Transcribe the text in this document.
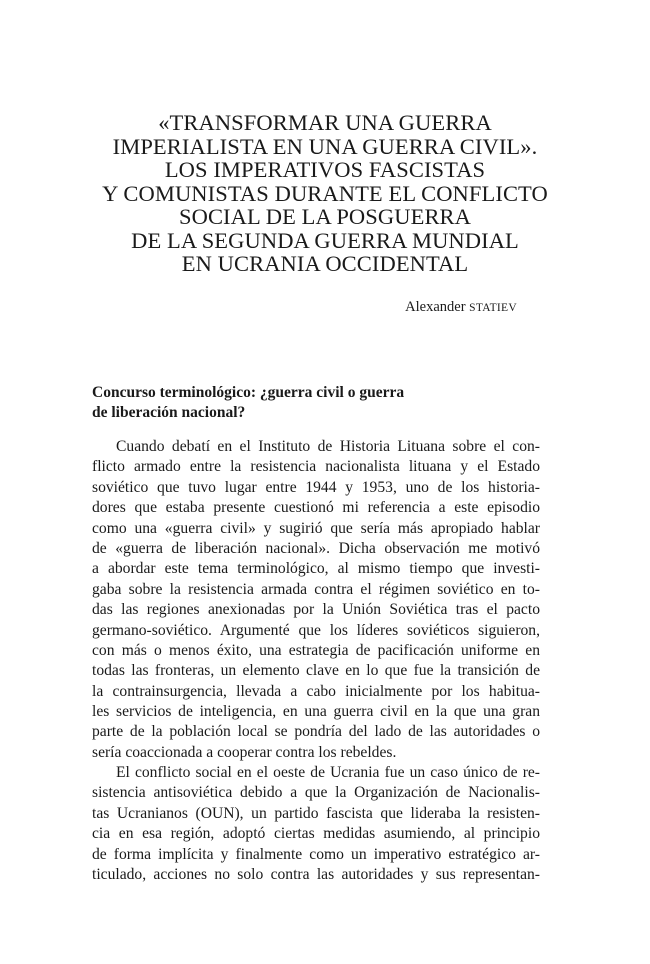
«TRANSFORMAR UNA GUERRA
IMPERIALISTA EN UNA GUERRA CIVIL».
LOS IMPERATIVOS FASCISTAS
Y COMUNISTAS DURANTE EL CONFLICTO
SOCIAL DE LA POSGUERRA
DE LA SEGUNDA GUERRA MUNDIAL
EN UCRANIA OCCIDENTAL
Alexander STATIEV
Concurso terminológico: ¿guerra civil o guerra
de liberación nacional?
Cuando debatí en el Instituto de Historia Lituana sobre el con-
flicto armado entre la resistencia nacionalista lituana y el Estado
soviético que tuvo lugar entre 1944 y 1953, uno de los historia-
dores que estaba presente cuestionó mi referencia a este episodio
como una «guerra civil» y sugirió que sería más apropiado hablar
de «guerra de liberación nacional». Dicha observación me motivó
a abordar este tema terminológico, al mismo tiempo que investi-
gaba sobre la resistencia armada contra el régimen soviético en to-
das las regiones anexionadas por la Unión Soviética tras el pacto
germano-soviético. Argumenté que los líderes soviéticos siguieron,
con más o menos éxito, una estrategia de pacificación uniforme en
todas las fronteras, un elemento clave en lo que fue la transición de
la contrainsurgencia, llevada a cabo inicialmente por los habitua-
les servicios de inteligencia, en una guerra civil en la que una gran
parte de la población local se pondría del lado de las autoridades o
sería coaccionada a cooperar contra los rebeldes.
El conflicto social en el oeste de Ucrania fue un caso único de re-
sistencia antisoviética debido a que la Organización de Nacionalis-
tas Ucranianos (OUN), un partido fascista que lideraba la resisten-
cia en esa región, adoptó ciertas medidas asumiendo, al principio
de forma implícita y finalmente como un imperativo estratégico ar-
ticulado, acciones no solo contra las autoridades y sus representan-
